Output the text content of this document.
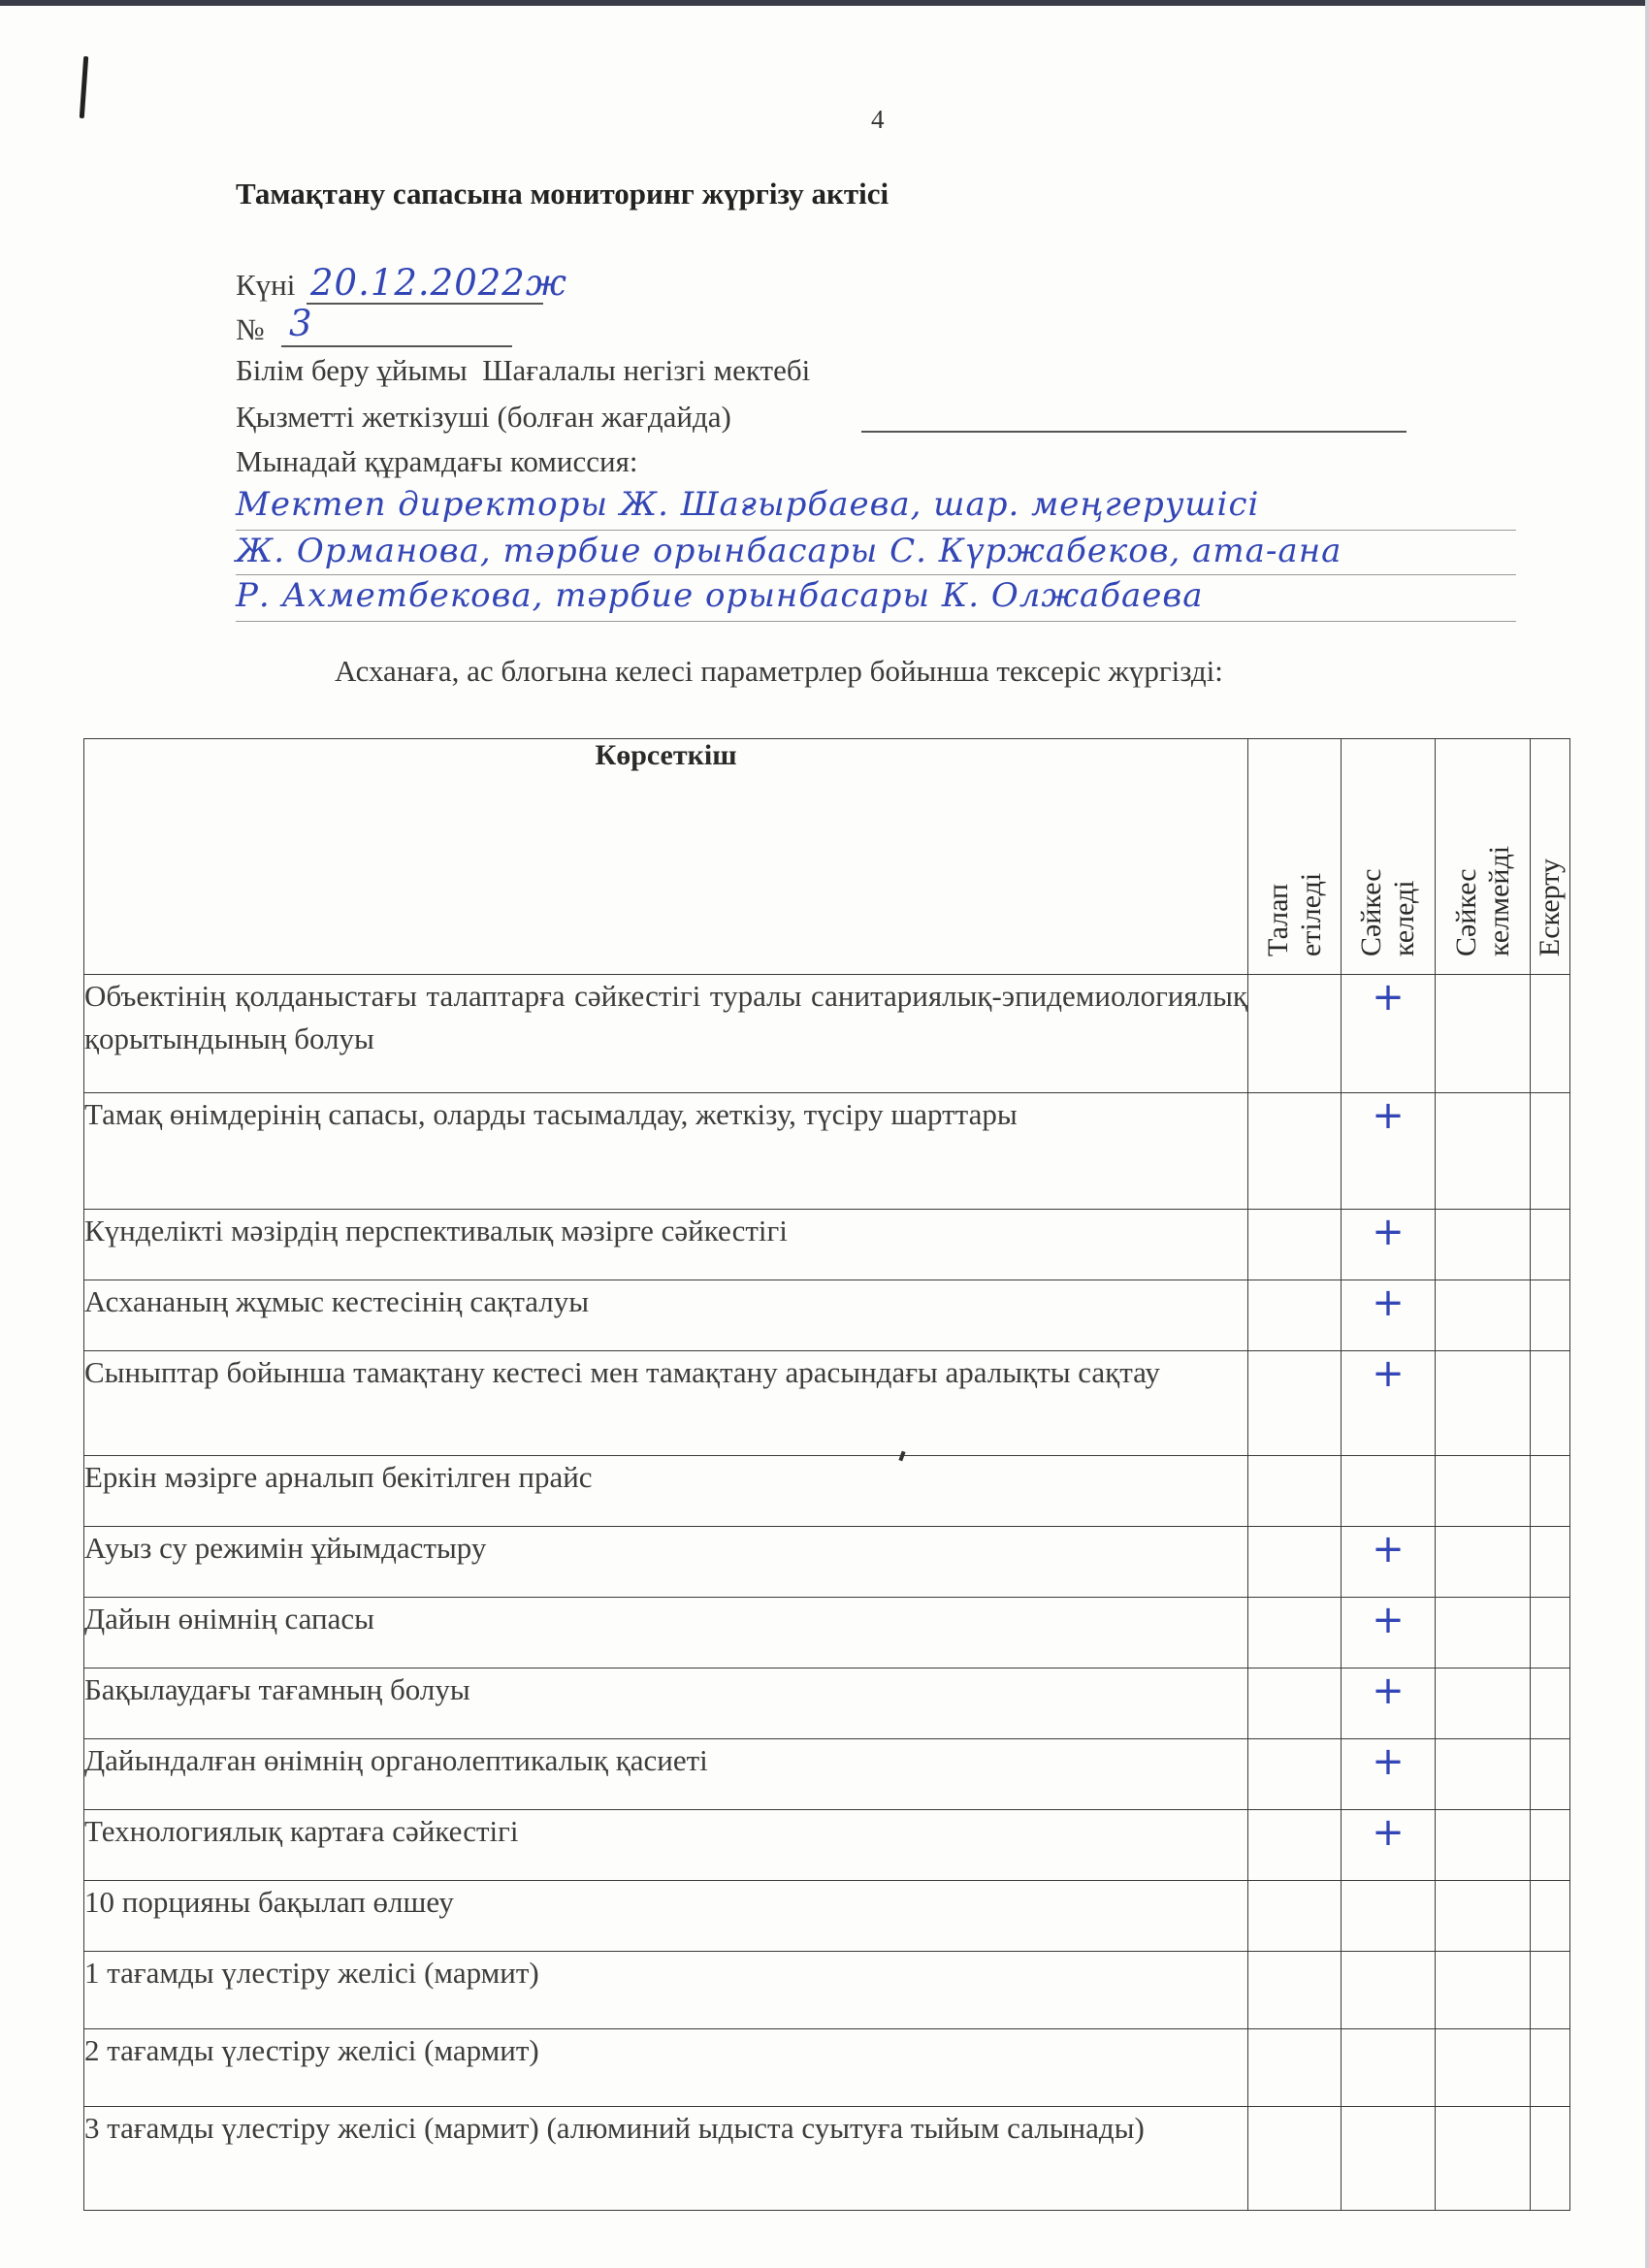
4
Тамақтану сапасына мониторинг жүргізу актісі
Күні 20.12.2022ж
№ 3
Білім беру ұйымы Шағалалы негізгі мектебі
Қызметті жеткізуші (болған жағдайда)
Мынадай құрамдағы комиссия:
Мектеп директоры Ж. Шағырбаева, шар. меңгерушісі
Ж. Орманова, тәрбие орынбасары С. Күржабеков, ата-ана
Р. Ахметбекова, тәрбие орынбасары К. Олжабаева
Асханаға, ас блогына келесі параметрлер бойынша тексеріс жүргізді:
Көрсеткіш	Талап етіледі	Сәйкес келеді	Сәйкес келмейді	Ескерту

Объектінің қолданыстағы талаптарға сәйкестігі туралы санитариялық-эпидемиологиялық қорытындының болуы		+		
Тамақ өнімдерінің сапасы, оларды тасымалдау, жеткізу, түсіру шарттары		+		
Күнделікті мәзірдің перспективалық мәзірге сәйкестігі		+		
Асхананың жұмыс кестесінің сақталуы		+		
Сыныптар бойынша тамақтану кестесі мен тамақтану арасындағы аралықты сақтау		+		
Еркін мәзірге арналып бекітілген прайс				
Ауыз су режимін ұйымдастыру		+		
Дайын өнімнің сапасы		+		
Бақылаудағы тағамның болуы		+		
Дайындалған өнімнің органолептикалық қасиеті		+		
Технологиялық картаға сәйкестігі		+		
10 порцияны бақылап өлшеу				
1 тағамды үлестіру желісі (мармит)				
2 тағамды үлестіру желісі (мармит)				
3 тағамды үлестіру желісі (мармит) (алюминий ыдыста суытуға тыйым салынады)				
